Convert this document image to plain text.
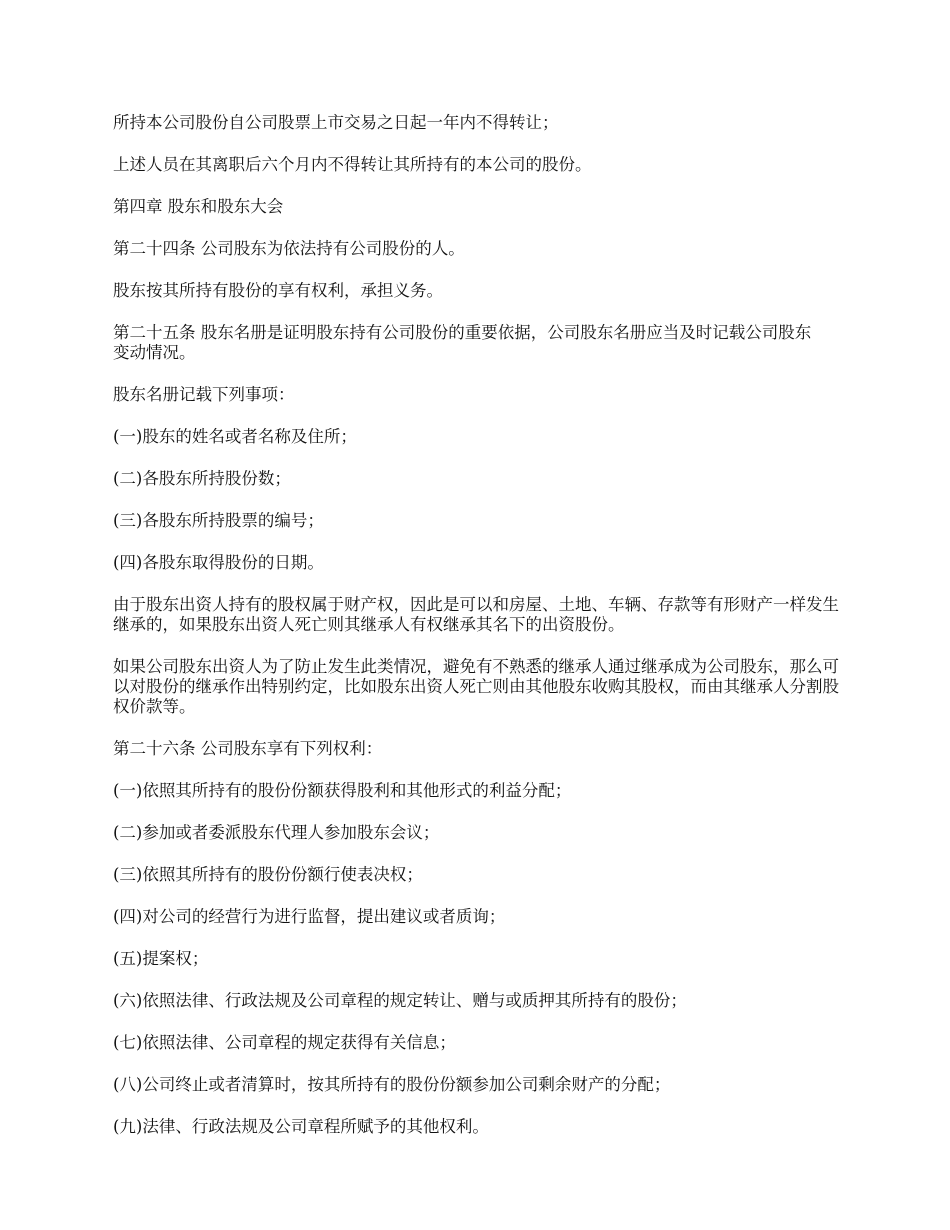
所持本公司股份自公司股票上市交易之日起一年内不得转让；

上述人员在其离职后六个月内不得转让其所持有的本公司的股份。

第四章 股东和股东大会

第二十四条 公司股东为依法持有公司股份的人。

股东按其所持有股份的享有权利，承担义务。

第二十五条 股东名册是证明股东持有公司股份的重要依据，公司股东名册应当及时记载公司股东变动情况。

股东名册记载下列事项：

(一)股东的姓名或者名称及住所；

(二)各股东所持股份数；

(三)各股东所持股票的编号；

(四)各股东取得股份的日期。

由于股东出资人持有的股权属于财产权，因此是可以和房屋、土地、车辆、存款等有形财产一样发生继承的，如果股东出资人死亡则其继承人有权继承其名下的出资股份。

如果公司股东出资人为了防止发生此类情况，避免有不熟悉的继承人通过继承成为公司股东，那么可以对股份的继承作出特别约定，比如股东出资人死亡则由其他股东收购其股权，而由其继承人分割股权价款等。

第二十六条 公司股东享有下列权利：

(一)依照其所持有的股份份额获得股利和其他形式的利益分配；

(二)参加或者委派股东代理人参加股东会议；

(三)依照其所持有的股份份额行使表决权；

(四)对公司的经营行为进行监督，提出建议或者质询；

(五)提案权；

(六)依照法律、行政法规及公司章程的规定转让、赠与或质押其所持有的股份；

(七)依照法律、公司章程的规定获得有关信息；

(八)公司终止或者清算时，按其所持有的股份份额参加公司剩余财产的分配；

(九)法律、行政法规及公司章程所赋予的其他权利。
